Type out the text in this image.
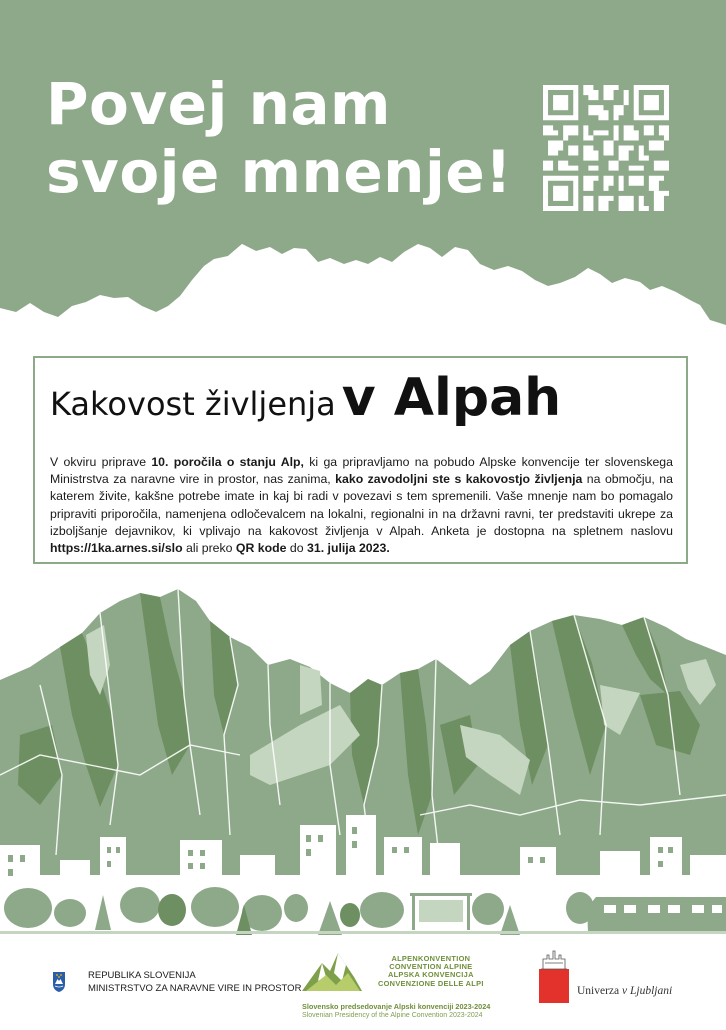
Povej nam
svoje mnenje!
Kakovost življenja v Alpah

V okviru priprave 10. poročila o stanju Alp, ki ga pripravljamo na pobudo Alpske konvencije ter slovenskega Ministrstva za naravne vire in prostor, nas zanima, kako zavodoljni ste s kakovostjo življenja na območju, na katerem živite, kakšne potrebe imate in kaj bi radi v povezavi s tem spremenili. Vaše mnenje nam bo pomagalo pripraviti priporočila, namenjena odločevalcem na lokalni, regionalni in na državni ravni, ter predstaviti ukrepe za izboljšanje dejavnikov, ki vplivajo na kakovost življenja v Alpah. Anketa je dostopna na spletnem naslovu https://1ka.arnes.si/slo ali preko QR kode do 31. julija 2023.

REPUBLIKA SLOVENIJA
MINISTRSTVO ZA NARAVNE VIRE IN PROSTOR
ALPENKONVENTION
CONVENTION ALPINE
ALPSKA KONVENCIJA
CONVENZIONE DELLE ALPI
Slovensko predsedovanje Alpski konvenciji 2023-2024
Slovenian Presidency of the Alpine Convention 2023-2024
Univerza v Ljubljani
